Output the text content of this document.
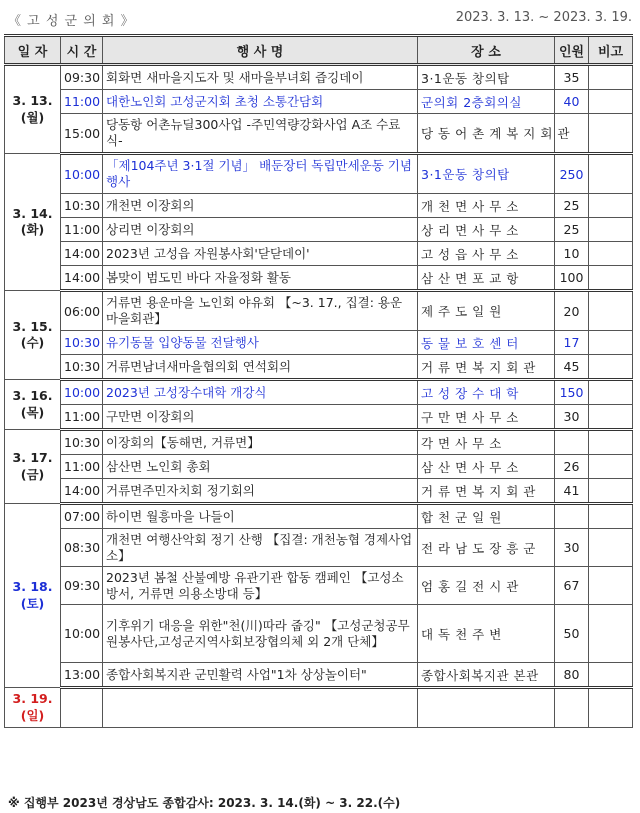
《 고 성 군 의 회 》	2023. 3. 13. ~ 2023. 3. 19.
일 자	시 간	행 사 명	장 소	인원	비고

3. 13.
(월)	09:30	회화면 새마을지도자 및 새마을부녀회 즙깅데이	3·1운동 창의탑	35	
	11:00	대한노인회 고성군지회 초청 소통간담회	군의회 2층회의실	40	
	15:00	당동항 어촌뉴딜300사업 -주민역량강화사업 A조 수료식-	당 동 어 촌 계 복 지 회 관		

3. 14.
(화)	10:00	「제104주년 3·1절 기념」 배둔장터 독립만세운동 기념행사	3·1운동 창의탑	250	
	10:30	개천면 이장회의	개 천 면 사 무 소	25	
	11:00	상리면 이장회의	상 리 면 사 무 소	25	
	14:00	2023년 고성읍 자원봉사회'닫닫데이'	고 성 읍 사 무 소	10	
	14:00	봄맞이 범도민 바다 자율정화 활동	삼 산 면 포 교 항	100	

3. 15.
(수)	06:00	거류면 용운마을 노인회 야유회 【~3. 17., 집결: 용운마을회관】	제 주 도 일 원	20	
	10:30	유기동물 입양동물 전달행사	동 물 보 호 센 터	17	
	10:30	거류면남녀새마을협의회 연석회의	거 류 면 복 지 회 관	45	

3. 16.
(목)	10:00	2023년 고성장수대학 개강식	고 성 장 수 대 학	150	
	11:00	구만면 이장회의	구 만 면 사 무 소	30	

3. 17.
(금)	10:30	이장회의【동해면, 거류면】	각 면 사 무 소		
	11:00	삼산면 노인회 총회	삼 산 면 사 무 소	26	
	14:00	거류면주민자치회 정기회의	거 류 면 복 지 회 관	41	

3. 18.
(토)	07:00	하이면 월흥마을 나들이	합 천 군 일 원		
	08:30	개천면 여행산악회 정기 산행 【집결: 개천농협 경제사업소】	전 라 남 도 장 흥 군	30	
	09:30	2023년 봄철 산불예방 유관기관 합동 캠페인 【고성소방서, 거류면 의용소방대 등】	엄 홍 길 전 시 관	67	
	10:00	기후위기 대응을 위한"천(川)따라 줍깅" 【고성군청공무원봉사단,고성군지역사회보장협의체 외 2개 단체】	대 독 천 주 변	50	
	13:00	종합사회복지관 군민활력 사업"1차 상상놀이터"	종합사회복지관 본관	80	

3. 19.
(일)					

※ 집행부 2023년 경상남도 종합감사: 2023. 3. 14.(화) ~ 3. 22.(수)
